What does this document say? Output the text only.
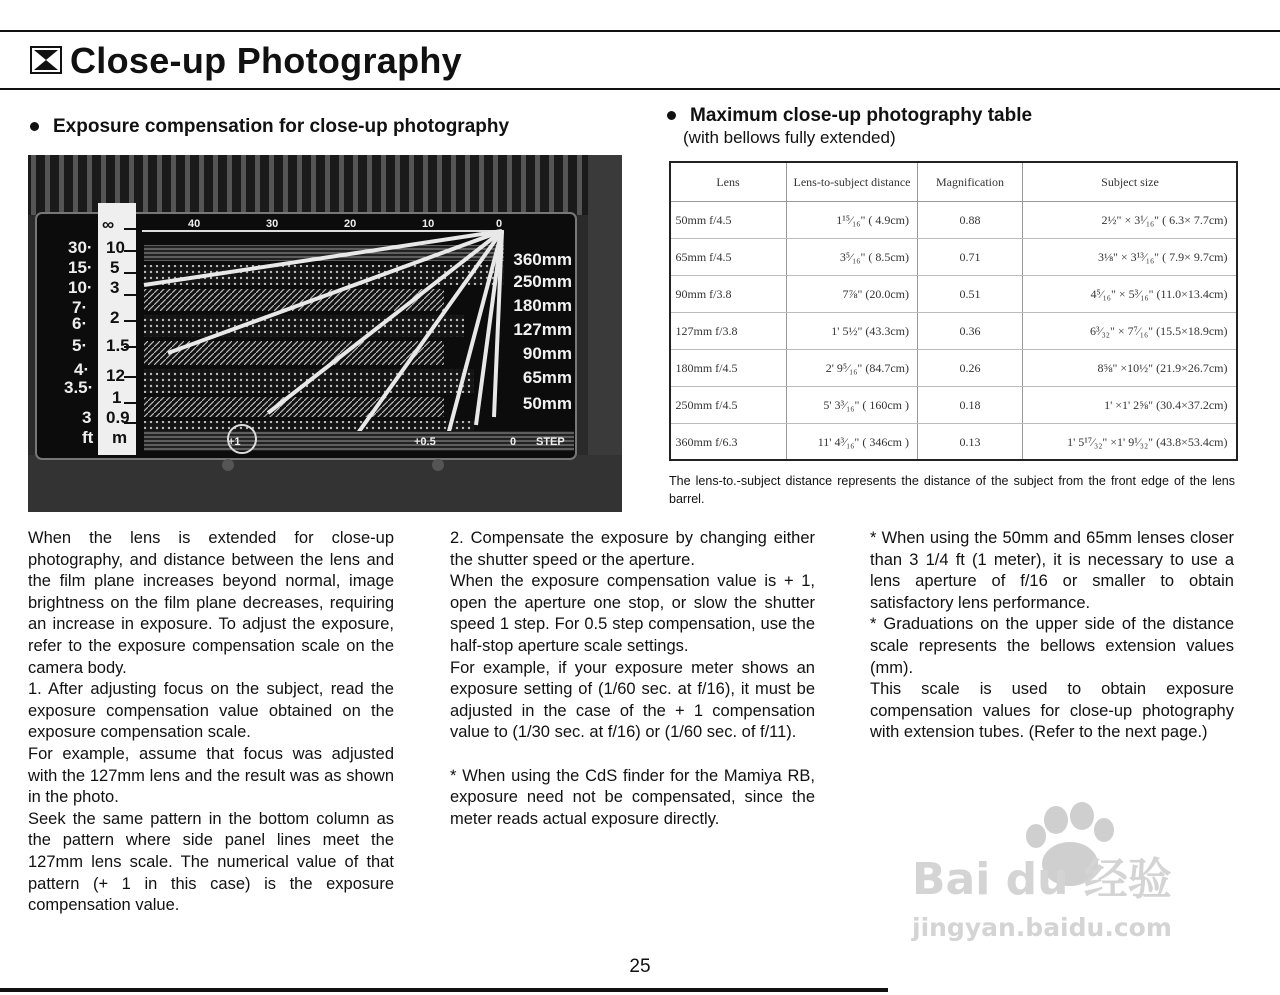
Close-up Photography
Exposure compensation for close-up photography
Maximum close-up photography table
(with bellows fully extended)
∞
30· 10
15· 5
10· 3
7·
6· 2
5· 1.5
4·
3.5·
12
1
3 0.9
ft m
40	30	20	10	0
360mm
250mm
180mm
127mm
90mm
65mm
50mm
+1	+0.5	0 STEP
Lens	Lens-to-subject distance	Magnification	Subject size
50mm f/4.5	1¹⁵⁄₁₆" ( 4.9cm)	0.88	2½" × 3¹⁄₁₆" ( 6.3× 7.7cm)
65mm f/4.5	3⁵⁄₁₆" ( 8.5cm)	0.71	3⅛" × 3¹³⁄₁₆" ( 7.9× 9.7cm)
90mm f/3.8	7⅞" (20.0cm)	0.51	4⁵⁄₁₆" × 5³⁄₁₆" (11.0×13.4cm)
127mm f/3.8	1' 5½" (43.3cm)	0.36	6³⁄₃₂" × 7⁷⁄₁₆" (15.5×18.9cm)
180mm f/4.5	2' 9⁵⁄₁₆" (84.7cm)	0.26	8⅝" ×10½" (21.9×26.7cm)
250mm f/4.5	5' 3³⁄₁₆" ( 160cm )	0.18	1' ×1' 2⅝" (30.4×37.2cm)
360mm f/6.3	11' 4³⁄₁₆" ( 346cm )	0.13	1' 5¹⁷⁄₃₂" ×1' 9¹⁄₃₂" (43.8×53.4cm)
The lens-to.-subject distance represents the distance of the subject from the front edge of the lens barrel.

When the lens is extended for close-up photography, and distance between the lens and the film plane increases beyond normal, image brightness on the film plane decreases, requiring an increase in exposure. To adjust the exposure, refer to the exposure compensation scale on the camera body.

1. After adjusting focus on the subject, read the exposure compensation value obtained on the exposure compensation scale.

For example, assume that focus was adjusted with the 127mm lens and the result was as shown in the photo.

Seek the same pattern in the bottom column as the pattern where side panel lines meet the 127mm lens scale. The numerical value of that pattern (+ 1 in this case) is the exposure compensation value.

2. Compensate the exposure by changing either the shutter speed or the aperture.

When the exposure compensation value is + 1, open the aperture one stop, or slow the shutter speed 1 step. For 0.5 step compensation, use the half-stop aperture scale settings.

For example, if your exposure meter shows an exposure setting of (1/60 sec. at f/16), it must be adjusted in the case of the + 1 compensation value to (1/30 sec. at f/16) or (1/60 sec. of f/11).

* When using the CdS finder for the Mamiya RB, exposure need not be compensated, since the meter reads actual exposure directly.

* When using the 50mm and 65mm lenses closer than 3 1/4 ft (1 meter), it is necessary to use a lens aperture of f/16 or smaller to obtain satisfactory lens performance.

* Graduations on the upper side of the distance scale represents the bellows extension values (mm).

This scale is used to obtain exposure compensation values for close-up photography with extension tubes. (Refer to the next page.)

Bai du 经验
jingyan.baidu.com
25
